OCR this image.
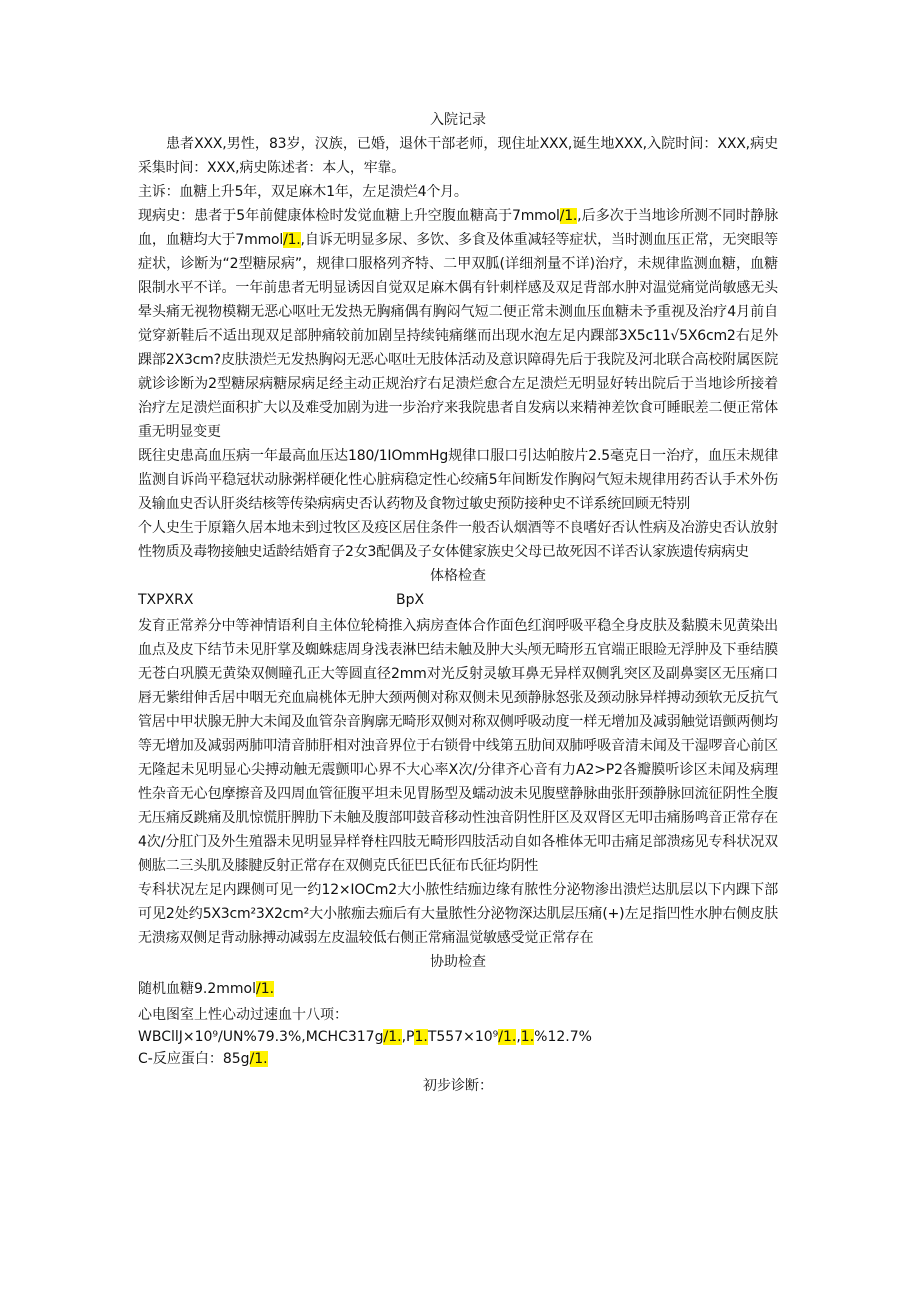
入院记录

患者XXX,男性，83岁，汉族，已婚，退休干部老师，现住址XXX,诞生地XXX,入院时间：XXX,病史采集时间：XXX,病史陈述者：本人，牢靠。

主诉：血糖上升5年，双足麻木1年，左足溃烂4个月。

现病史：患者于5年前健康体检时发觉血糖上升空腹血糖高于7mmol/1.,后多次于当地诊所测不同时静脉血，血糖均大于7mmol/1.,自诉无明显多尿、多饮、多食及体重减轻等症状，当时测血压正常，无突眼等症状，诊断为“2型糖尿病”，规律口服格列齐特、二甲双胍(详细剂量不详)治疗，未规律监测血糖，血糖限制水平不详。一年前患者无明显诱因自觉双足麻木偶有针刺样感及双足背部水肿对温觉痛觉尚敏感无头晕头痛无视物模糊无恶心呕吐无发热无胸痛偶有胸闷气短二便正常未测血压血糖未予重视及治疗4月前自觉穿新鞋后不适出现双足部肿痛较前加剧呈持续钝痛继而出现水泡左足内踝部3X5c11√5X6cm2右足外踝部2X3cm?皮肤溃烂无发热胸闷无恶心呕吐无肢体活动及意识障碍先后于我院及河北联合高校附属医院就诊诊断为2型糖尿病糖尿病足经主动正规治疗右足溃烂愈合左足溃烂无明显好转出院后于当地诊所接着治疗左足溃烂面积扩大以及难受加剧为进一步治疗来我院患者自发病以来精神差饮食可睡眠差二便正常体重无明显变更

既往史患高血压病一年最高血压达180/1IOmmHg规律口服口引达帕胺片2.5毫克日一治疗，血压未规律监测自诉尚平稳冠状动脉粥样硬化性心脏病稳定性心绞痛5年间断发作胸闷气短未规律用药否认手术外伤及输血史否认肝炎结核等传染病病史否认药物及食物过敏史预防接种史不详系统回顾无特别

个人史生于原籍久居本地未到过牧区及疫区居住条件一般否认烟酒等不良嗜好否认性病及冶游史否认放射性物质及毒物接触史适龄结婚育子2女3配偶及子女体健家族史父母已故死因不详否认家族遗传病病史

体格检查

TXPXRX	BpX

发育正常养分中等神情语利自主体位轮椅推入病房查体合作面色红润呼吸平稳全身皮肤及黏膜未见黄染出血点及皮下结节未见肝掌及蜘蛛痣周身浅表淋巴结未触及肿大头颅无畸形五官端正眼睑无浮肿及下垂结膜无苍白巩膜无黄染双侧瞳孔正大等圆直径2mm对光反射灵敏耳鼻无异样双侧乳突区及副鼻窦区无压痛口唇无紫绀伸舌居中咽无充血扁桃体无肿大颈两侧对称双侧未见颈静脉怒张及颈动脉异样搏动颈软无反抗气管居中甲状腺无肿大未闻及血管杂音胸廓无畸形双侧对称双侧呼吸动度一样无增加及减弱触觉语颤两侧均等无增加及减弱两肺叩清音肺肝相对浊音界位于右锁骨中线第五肋间双肺呼吸音清未闻及干湿啰音心前区无隆起未见明显心尖搏动触无震颤叩心界不大心率X次/分律齐心音有力A2>P2各瓣膜听诊区未闻及病理性杂音无心包摩擦音及四周血管征腹平坦未见胃肠型及蠕动波未见腹壁静脉曲张肝颈静脉回流征阴性全腹无压痛反跳痛及肌惊慌肝脾肋下未触及腹部叩鼓音移动性浊音阴性肝区及双肾区无叩击痛肠鸣音正常存在4次/分肛门及外生殖器未见明显异样脊柱四肢无畸形四肢活动自如各椎体无叩击痛足部溃疡见专科状况双侧肱二三头肌及膝腱反射正常存在双侧克氏征巴氏征布氏征均阴性

专科状况左足内踝侧可见一约12×IOCm2大小脓性结痂边缘有脓性分泌物渗出溃烂达肌层以下内踝下部可见2处约5X3cm²3X2cm²大小脓痂去痂后有大量脓性分泌物深达肌层压痛(+)左足指凹性水肿右侧皮肤无溃疡双侧足背动脉搏动减弱左皮温较低右侧正常痛温觉敏感受觉正常存在

协助检查

随机血糖9.2mmol/1.

心电图室上性心动过速血十八项：

WBCllJ×10⁹/UN%79.3%,MCHC317g/1.,P1.T557×10⁹/1.,1.%12.7%

C-反应蛋白：85g/1.

初步诊断：
